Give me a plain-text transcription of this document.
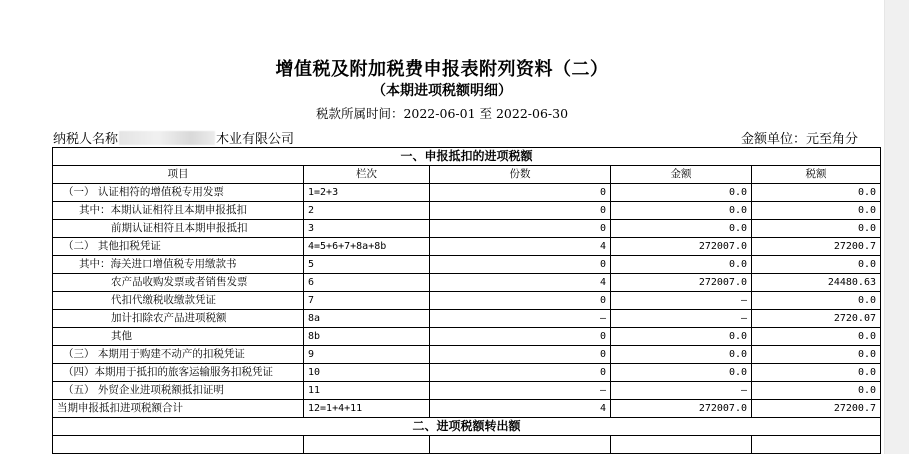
增值税及附加税费申报表附列资料（二）
（本期进项税额明细）
税款所属时间：2022-06-01 至 2022-06-30
纳税人名称	木业有限公司	金额单位：元至角分
一、申报抵扣的进项税额				
项目	栏次	份数	金额	税额
（一） 认证相符的增值税专用发票	1=2+3	0	0.0	0.0
其中：本期认证相符且本期申报抵扣	2	0	0.0	0.0
前期认证相符且本期申报抵扣	3	0	0.0	0.0
（二） 其他扣税凭证	4=5+6+7+8a+8b	4	272007.0	27200.7
其中：海关进口增值税专用缴款书	5	0	0.0	0.0
农产品收购发票或者销售发票	6	4	272007.0	24480.63
代扣代缴税收缴款凭证	7	0	—	0.0
加计扣除农产品进项税额	8a	—	—	2720.07
其他	8b	0	0.0	0.0
（三） 本期用于购建不动产的扣税凭证	9	0	0.0	0.0
（四）本期用于抵扣的旅客运输服务扣税凭证	10	0	0.0	0.0
（五） 外贸企业进项税额抵扣证明	11	—	—	0.0
当期申报抵扣进项税额合计	12=1+4+11	4	272007.0	27200.7
二、进项税额转出额				
